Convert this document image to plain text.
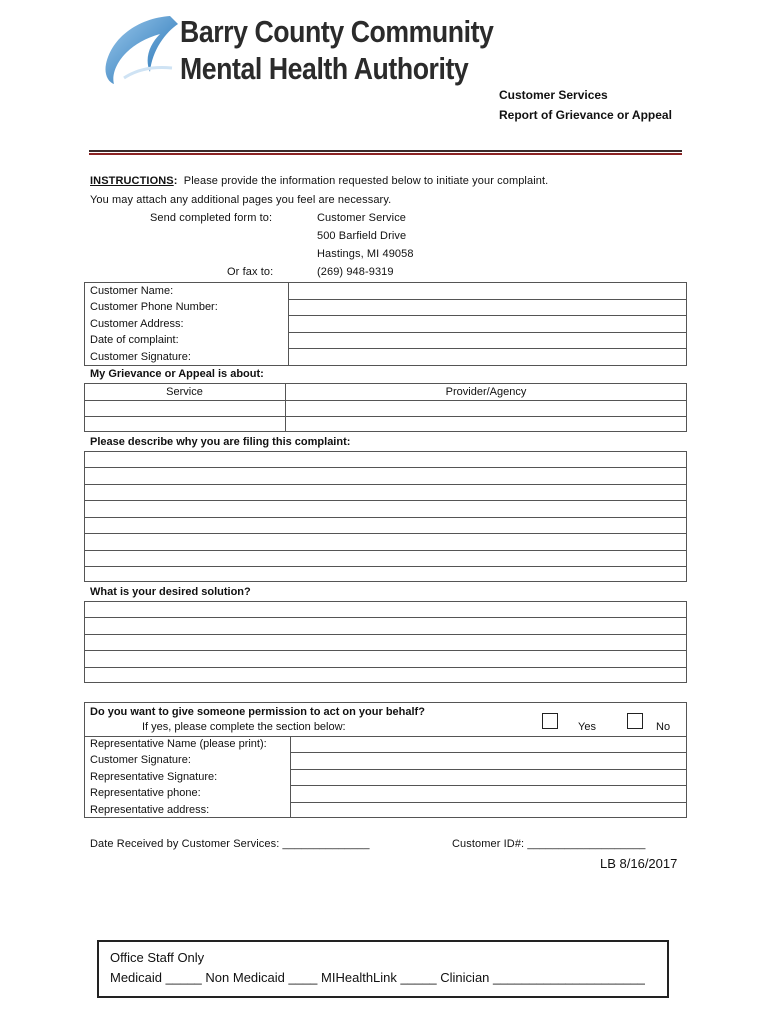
Barry County Community
Mental Health Authority
Customer Services
Report of Grievance or Appeal
INSTRUCTIONS: Please provide the information requested below to initiate your complaint.
You may attach any additional pages you feel are necessary.
Send completed form to:	Customer Service
500 Barfield Drive
Hastings, MI 49058
Or fax to:	(269) 948-9319
Customer Name:
Customer Phone Number:
Customer Address:
Date of complaint:
Customer Signature:
My Grievance or Appeal is about:
Service	Provider/Agency
Please describe why you are filing this complaint:
What is your desired solution?
Do you want to give someone permission to act on your behalf?
If yes, please complete the section below:	Yes	No
Representative Name (please print):
Customer Signature:
Representative Signature:
Representative phone:
Representative address:
Date Received by Customer Services: ______________	Customer ID#: ___________________
LB 8/16/2017
Office Staff Only
Medicaid _____ Non Medicaid ____ MIHealthLink _____ Clinician _____________________
